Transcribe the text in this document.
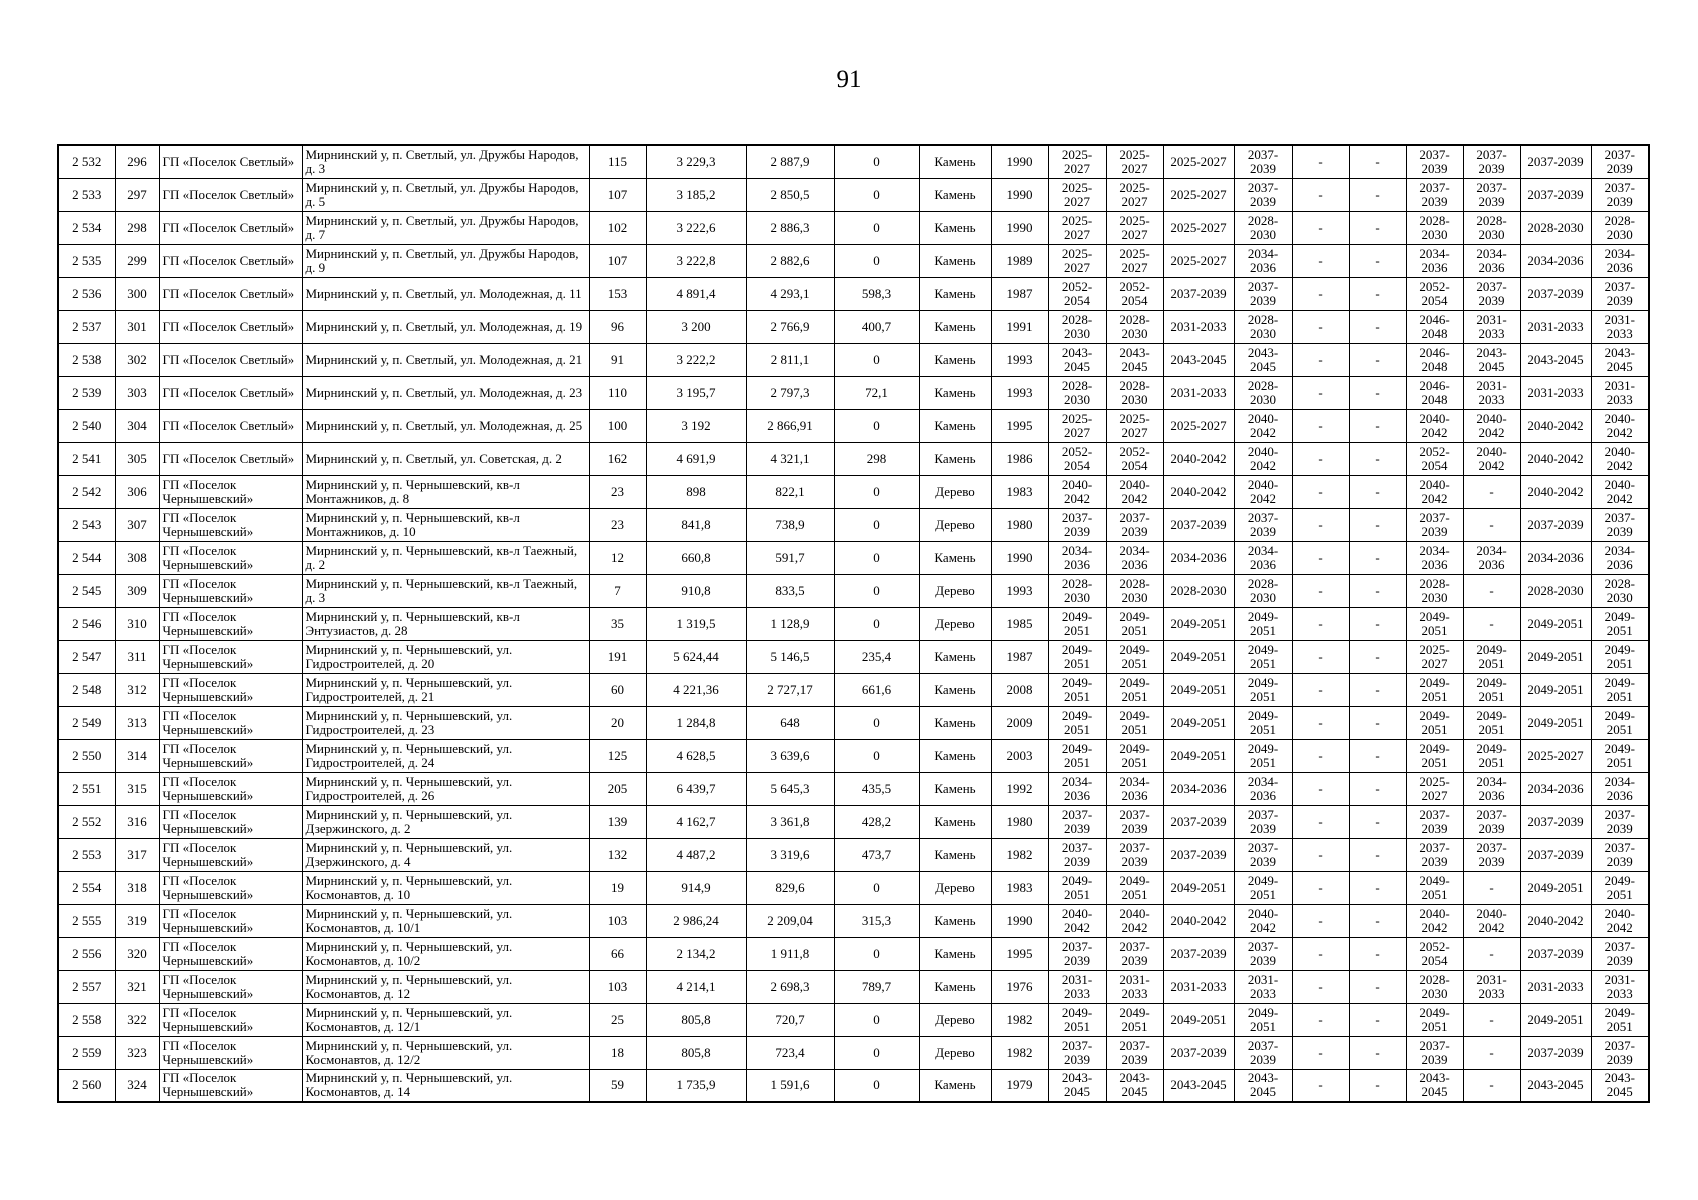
91
2 532	296	ГП «Поселок Светлый»	Мирнинский у, п. Светлый, ул. Дружбы Народов, д. 3	115	3 229,3	2 887,9	0	Камень	1990	2025-2027	2025-2027	2025-2027	2037-2039	-	-	2037-2039	2037-2039	2037-2039	2037-2039
2 533	297	ГП «Поселок Светлый»	Мирнинский у, п. Светлый, ул. Дружбы Народов, д. 5	107	3 185,2	2 850,5	0	Камень	1990	2025-2027	2025-2027	2025-2027	2037-2039	-	-	2037-2039	2037-2039	2037-2039	2037-2039
2 534	298	ГП «Поселок Светлый»	Мирнинский у, п. Светлый, ул. Дружбы Народов, д. 7	102	3 222,6	2 886,3	0	Камень	1990	2025-2027	2025-2027	2025-2027	2028-2030	-	-	2028-2030	2028-2030	2028-2030	2028-2030
2 535	299	ГП «Поселок Светлый»	Мирнинский у, п. Светлый, ул. Дружбы Народов, д. 9	107	3 222,8	2 882,6	0	Камень	1989	2025-2027	2025-2027	2025-2027	2034-2036	-	-	2034-2036	2034-2036	2034-2036	2034-2036
2 536	300	ГП «Поселок Светлый»	Мирнинский у, п. Светлый, ул. Молодежная, д. 11	153	4 891,4	4 293,1	598,3	Камень	1987	2052-2054	2052-2054	2037-2039	2037-2039	-	-	2052-2054	2037-2039	2037-2039	2037-2039
2 537	301	ГП «Поселок Светлый»	Мирнинский у, п. Светлый, ул. Молодежная, д. 19	96	3 200	2 766,9	400,7	Камень	1991	2028-2030	2028-2030	2031-2033	2028-2030	-	-	2046-2048	2031-2033	2031-2033	2031-2033
2 538	302	ГП «Поселок Светлый»	Мирнинский у, п. Светлый, ул. Молодежная, д. 21	91	3 222,2	2 811,1	0	Камень	1993	2043-2045	2043-2045	2043-2045	2043-2045	-	-	2046-2048	2043-2045	2043-2045	2043-2045
2 539	303	ГП «Поселок Светлый»	Мирнинский у, п. Светлый, ул. Молодежная, д. 23	110	3 195,7	2 797,3	72,1	Камень	1993	2028-2030	2028-2030	2031-2033	2028-2030	-	-	2046-2048	2031-2033	2031-2033	2031-2033
2 540	304	ГП «Поселок Светлый»	Мирнинский у, п. Светлый, ул. Молодежная, д. 25	100	3 192	2 866,91	0	Камень	1995	2025-2027	2025-2027	2025-2027	2040-2042	-	-	2040-2042	2040-2042	2040-2042	2040-2042
2 541	305	ГП «Поселок Светлый»	Мирнинский у, п. Светлый, ул. Советская, д. 2	162	4 691,9	4 321,1	298	Камень	1986	2052-2054	2052-2054	2040-2042	2040-2042	-	-	2052-2054	2040-2042	2040-2042	2040-2042
2 542	306	ГП «Поселок Чернышевский»	Мирнинский у, п. Чернышевский, кв-л Монтажников, д. 8	23	898	822,1	0	Дерево	1983	2040-2042	2040-2042	2040-2042	2040-2042	-	-	2040-2042	-	2040-2042	2040-2042
2 543	307	ГП «Поселок Чернышевский»	Мирнинский у, п. Чернышевский, кв-л Монтажников, д. 10	23	841,8	738,9	0	Дерево	1980	2037-2039	2037-2039	2037-2039	2037-2039	-	-	2037-2039	-	2037-2039	2037-2039
2 544	308	ГП «Поселок Чернышевский»	Мирнинский у, п. Чернышевский, кв-л Таежный, д. 2	12	660,8	591,7	0	Камень	1990	2034-2036	2034-2036	2034-2036	2034-2036	-	-	2034-2036	2034-2036	2034-2036	2034-2036
2 545	309	ГП «Поселок Чернышевский»	Мирнинский у, п. Чернышевский, кв-л Таежный, д. 3	7	910,8	833,5	0	Дерево	1993	2028-2030	2028-2030	2028-2030	2028-2030	-	-	2028-2030	-	2028-2030	2028-2030
2 546	310	ГП «Поселок Чернышевский»	Мирнинский у, п. Чернышевский, кв-л Энтузиастов, д. 28	35	1 319,5	1 128,9	0	Дерево	1985	2049-2051	2049-2051	2049-2051	2049-2051	-	-	2049-2051	-	2049-2051	2049-2051
2 547	311	ГП «Поселок Чернышевский»	Мирнинский у, п. Чернышевский, ул. Гидростроителей, д. 20	191	5 624,44	5 146,5	235,4	Камень	1987	2049-2051	2049-2051	2049-2051	2049-2051	-	-	2025-2027	2049-2051	2049-2051	2049-2051
2 548	312	ГП «Поселок Чернышевский»	Мирнинский у, п. Чернышевский, ул. Гидростроителей, д. 21	60	4 221,36	2 727,17	661,6	Камень	2008	2049-2051	2049-2051	2049-2051	2049-2051	-	-	2049-2051	2049-2051	2049-2051	2049-2051
2 549	313	ГП «Поселок Чернышевский»	Мирнинский у, п. Чернышевский, ул. Гидростроителей, д. 23	20	1 284,8	648	0	Камень	2009	2049-2051	2049-2051	2049-2051	2049-2051	-	-	2049-2051	2049-2051	2049-2051	2049-2051
2 550	314	ГП «Поселок Чернышевский»	Мирнинский у, п. Чернышевский, ул. Гидростроителей, д. 24	125	4 628,5	3 639,6	0	Камень	2003	2049-2051	2049-2051	2049-2051	2049-2051	-	-	2049-2051	2049-2051	2025-2027	2049-2051
2 551	315	ГП «Поселок Чернышевский»	Мирнинский у, п. Чернышевский, ул. Гидростроителей, д. 26	205	6 439,7	5 645,3	435,5	Камень	1992	2034-2036	2034-2036	2034-2036	2034-2036	-	-	2025-2027	2034-2036	2034-2036	2034-2036
2 552	316	ГП «Поселок Чернышевский»	Мирнинский у, п. Чернышевский, ул. Дзержинского, д. 2	139	4 162,7	3 361,8	428,2	Камень	1980	2037-2039	2037-2039	2037-2039	2037-2039	-	-	2037-2039	2037-2039	2037-2039	2037-2039
2 553	317	ГП «Поселок Чернышевский»	Мирнинский у, п. Чернышевский, ул. Дзержинского, д. 4	132	4 487,2	3 319,6	473,7	Камень	1982	2037-2039	2037-2039	2037-2039	2037-2039	-	-	2037-2039	2037-2039	2037-2039	2037-2039
2 554	318	ГП «Поселок Чернышевский»	Мирнинский у, п. Чернышевский, ул. Космонавтов, д. 10	19	914,9	829,6	0	Дерево	1983	2049-2051	2049-2051	2049-2051	2049-2051	-	-	2049-2051	-	2049-2051	2049-2051
2 555	319	ГП «Поселок Чернышевский»	Мирнинский у, п. Чернышевский, ул. Космонавтов, д. 10/1	103	2 986,24	2 209,04	315,3	Камень	1990	2040-2042	2040-2042	2040-2042	2040-2042	-	-	2040-2042	2040-2042	2040-2042	2040-2042
2 556	320	ГП «Поселок Чернышевский»	Мирнинский у, п. Чернышевский, ул. Космонавтов, д. 10/2	66	2 134,2	1 911,8	0	Камень	1995	2037-2039	2037-2039	2037-2039	2037-2039	-	-	2052-2054	-	2037-2039	2037-2039
2 557	321	ГП «Поселок Чернышевский»	Мирнинский у, п. Чернышевский, ул. Космонавтов, д. 12	103	4 214,1	2 698,3	789,7	Камень	1976	2031-2033	2031-2033	2031-2033	2031-2033	-	-	2028-2030	2031-2033	2031-2033	2031-2033
2 558	322	ГП «Поселок Чернышевский»	Мирнинский у, п. Чернышевский, ул. Космонавтов, д. 12/1	25	805,8	720,7	0	Дерево	1982	2049-2051	2049-2051	2049-2051	2049-2051	-	-	2049-2051	-	2049-2051	2049-2051
2 559	323	ГП «Поселок Чернышевский»	Мирнинский у, п. Чернышевский, ул. Космонавтов, д. 12/2	18	805,8	723,4	0	Дерево	1982	2037-2039	2037-2039	2037-2039	2037-2039	-	-	2037-2039	-	2037-2039	2037-2039
2 560	324	ГП «Поселок Чернышевский»	Мирнинский у, п. Чернышевский, ул. Космонавтов, д. 14	59	1 735,9	1 591,6	0	Камень	1979	2043-2045	2043-2045	2043-2045	2043-2045	-	-	2043-2045	-	2043-2045	2043-2045
